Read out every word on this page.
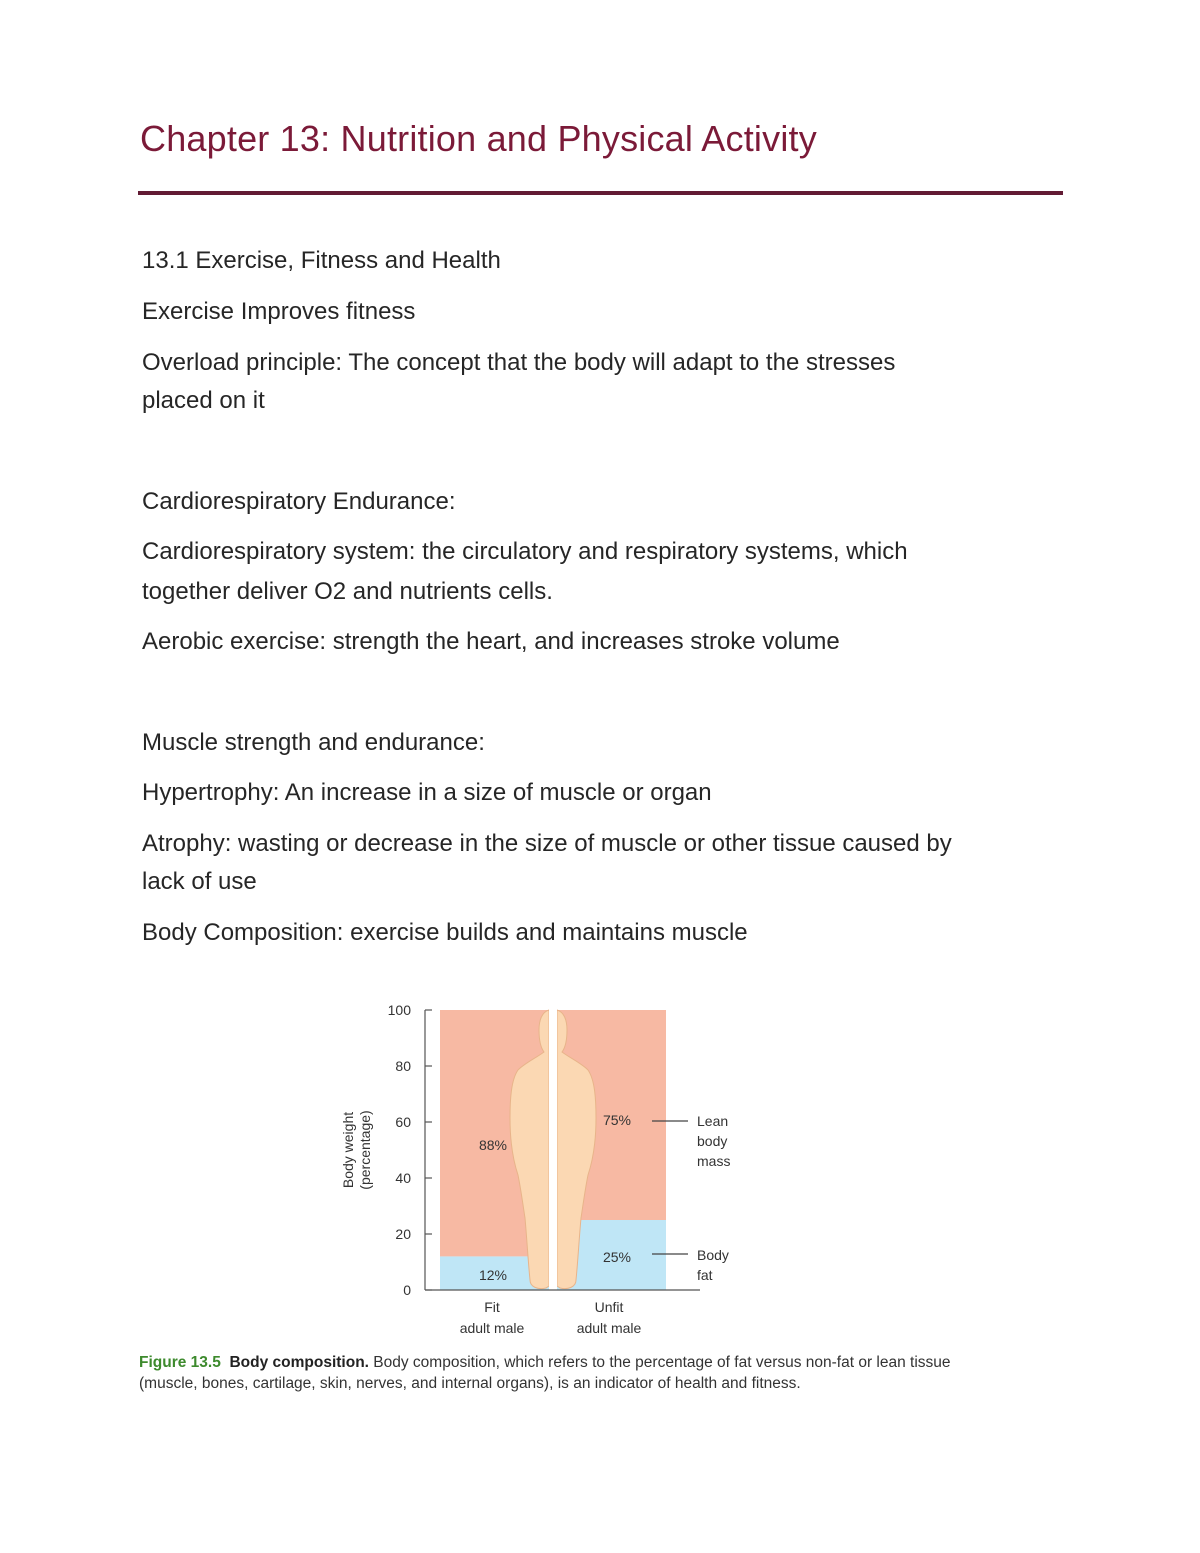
Chapter 13: Nutrition and Physical Activity

13.1 Exercise, Fitness and Health

Exercise Improves fitness

Overload principle: The concept that the body will adapt to the stresses

placed on it

Cardiorespiratory Endurance:

Cardiorespiratory system: the circulatory and respiratory systems, which

together deliver O2 and nutrients cells.

Aerobic exercise: strength the heart, and increases stroke volume

Muscle strength and endurance:

Hypertrophy: An increase in a size of muscle or organ

Atrophy: wasting or decrease in the size of muscle or other tissue caused by

lack of use

Body Composition: exercise builds and maintains muscle

12%
88%
25%
75%
0
20
40
60
80
100
Body weight (percentage)
Fit
adult male
Unfit
adult male
Lean
body
mass
Body
fat

Figure 13.5 Body composition. Body composition, which refers to the percentage of fat versus non-fat or lean tissue (muscle, bones, cartilage, skin, nerves, and internal organs), is an indicator of health and fitness.
